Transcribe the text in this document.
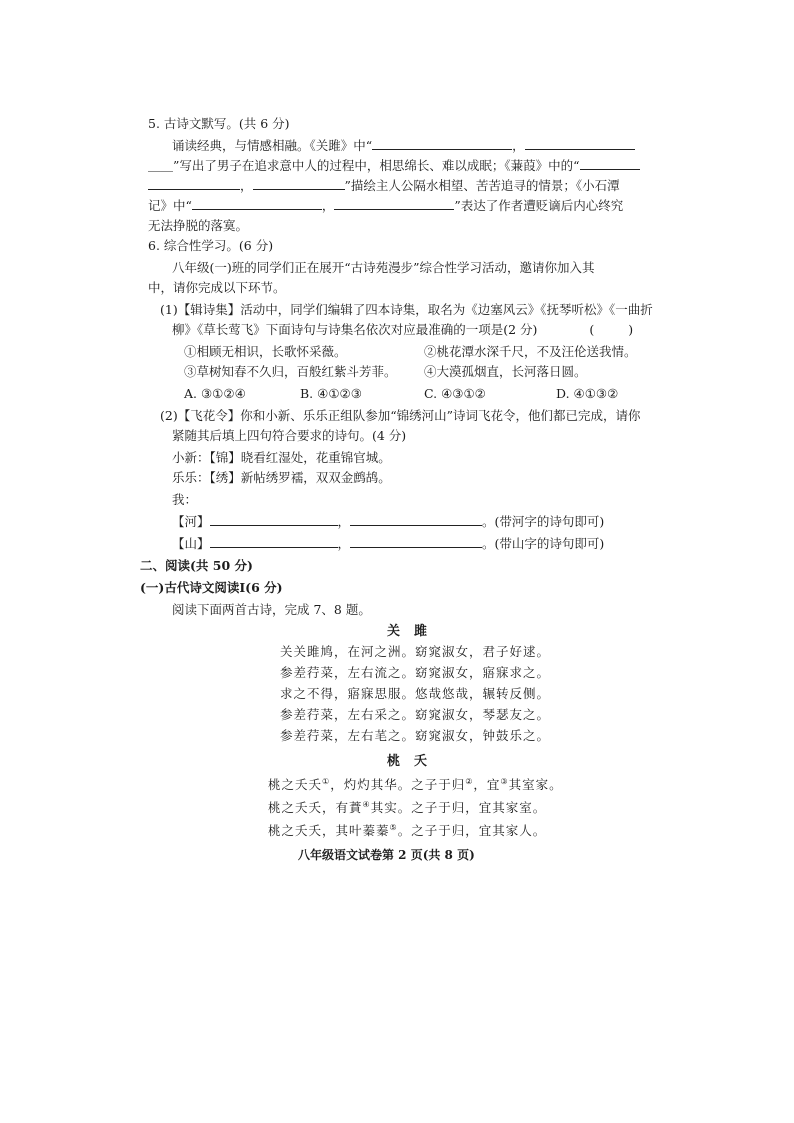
5. 古诗文默写。(共 6 分)
诵读经典，与情感相融。《关雎》中“	，
＿＿”写出了男子在追求意中人的过程中，相思绵长、难以成眠；《蒹葭》中的“
，	”描绘主人公隔水相望、苦苦追寻的情景；《小石潭
记》中“	，	”表达了作者遭贬谪后内心终究
无法挣脱的落寞。
6. 综合性学习。(6 分)
八年级(一)班的同学们正在展开“古诗苑漫步”综合性学习活动，邀请你加入其
中，请你完成以下环节。
(1)【辑诗集】活动中，同学们编辑了四本诗集，取名为《边塞风云》《抚琴听松》《一曲折
柳》《草长莺飞》下面诗句与诗集名依次对应最准确的一项是(2 分)	(	)
①相顾无相识，长歌怀采薇。	②桃花潭水深千尺，不及汪伦送我情。
③草树知春不久归，百般红紫斗芳菲。 ④大漠孤烟直，长河落日圆。
A. ③①②④	B. ④①②③	C. ④③①②	D. ④①③②
(2)【飞花令】你和小新、乐乐正组队参加“锦绣河山”诗词飞花令，他们都已完成，请你
紧随其后填上四句符合要求的诗句。(4 分)
小新：【锦】晓看红湿处，花重锦官城。
乐乐：【绣】新帖绣罗襦，双双金鹧鸪。
我：
【河】	，	。(带河字的诗句即可)
【山】	，	。(带山字的诗句即可)
二、阅读(共 50 分)
(一)古代诗文阅读Ⅰ(6 分)
阅读下面两首古诗，完成 7、8 题。
关雎
关关雎鸠，在河之洲。窈窕淑女，君子好逑。
参差荇菜，左右流之。窈窕淑女，寤寐求之。
求之不得，寤寐思服。悠哉悠哉，辗转反侧。
参差荇菜，左右采之。窈窕淑女，琴瑟友之。
参差荇菜，左右芼之。窈窕淑女，钟鼓乐之。
桃夭
桃之夭夭①，灼灼其华。之子于归②，宜③其室家。
桃之夭夭，有蕡④其实。之子于归，宜其家室。
桃之夭夭，其叶蓁蓁⑤。之子于归，宜其家人。
八年级语文试卷第 2 页(共 8 页)
